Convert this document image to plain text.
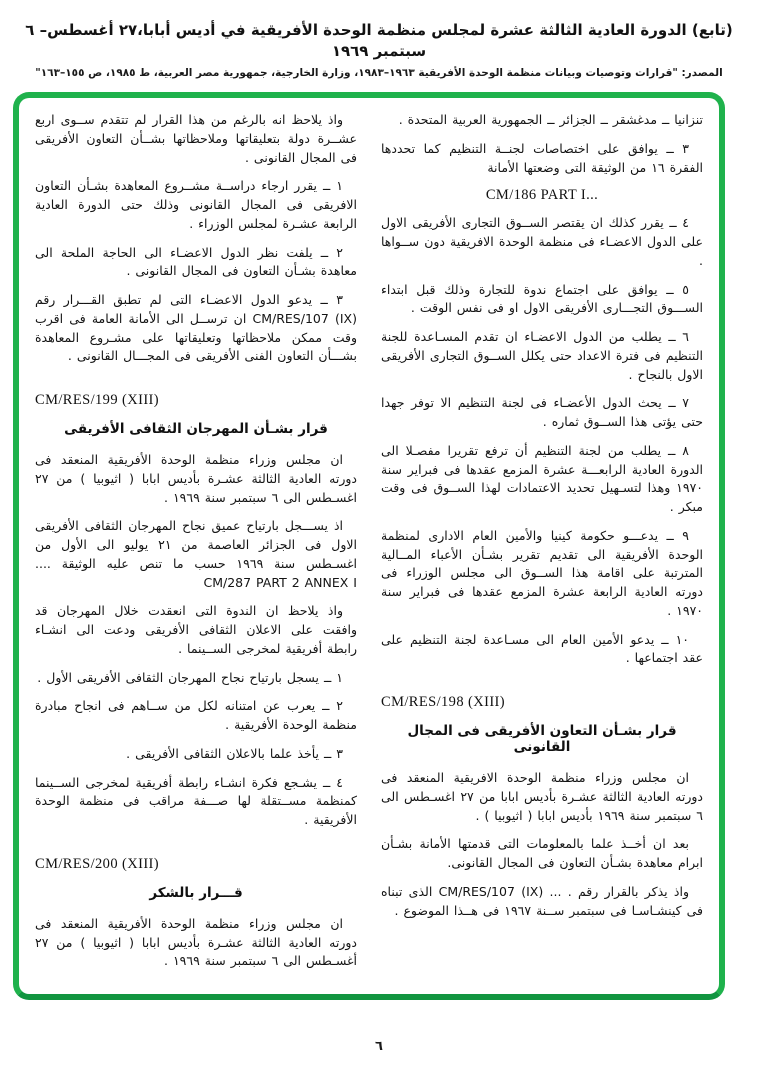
(تابع) الدورة العادية الثالثة عشرة لمجلس منظمة الوحدة الأفريقية في أديس أبابا،٢٧ أغسطس– ٦ سبتمبر ١٩٦٩
المصدر: "قرارات وتوصيات وبيانات منظمة الوحدة الأفريقية ١٩٦٣–١٩٨٣، وزارة الخارجية، جمهورية مصر العربية، ط ١٩٨٥، ص ١٥٥–١٦٣"

تنزانيا ــ مدغشقر ــ الجزائر ــ الجمهورية العربية المتحدة .

٣ ــ يوافق على اختصاصات لجنــة التنظيم كما تحددها الفقرة ١٦ من الوثيقة التى وضعتها الأمانة

CM/186 PART I...

٤ ــ يقرر كذلك ان يقتصر الســوق التجارى الأفريقى الاول على الدول الاعضـاء فى منظمة الوحدة الافريقية دون ســواها .

٥ ــ يوافق على اجتماع ندوة للتجارة وذلك قبل ابتداء الســـوق التجـــارى الأفريقى الاول او فى نفس الوقت .

٦ ــ يطلب من الدول الاعضـاء ان تقدم المسـاعدة للجنة التنظيم فى فترة الاعداد حتى يكلل الســوق التجارى الأفريقى الاول بالنجاح .

٧ ــ يحث الدول الأعضـاء فى لجنة التنظيم الا توفر جهدا حتى يؤتى هذا الســوق ثماره .

٨ ــ يطلب من لجنة التنظيم أن ترفع تقريرا مفصـلا الى الدورة العادية الرابعـــة عشرة المزمع عقدها فى فبراير سنة ١٩٧٠ وهذا لتسـهيل تحديد الاعتمادات لهذا الســوق فى وقت مبكر .

٩ ــ يدعـــو حكومة كينيا والأمين العام الادارى لمنظمة الوحدة الأفريقية الى تقديم تقرير بشـأن الأعباء المــالية المترتبة على اقامة هذا الســوق الى مجلس الوزراء فى دورته العادية الرابعة عشرة المزمع عقدها فى فبراير سنة ١٩٧٠ .

١٠ ــ يدعو الأمين العام الى مسـاعدة لجنة التنظيم على عقد اجتماعها .

CM/RES/198 (XIII)
قرار بشـأن التعاون الأفريقى فى المجال القانونى

ان مجلس وزراء منظمة الوحدة الافريقية المنعقد فى دورته العادية الثالثة عشـرة بأديس ابابا من ٢٧ اغسـطس الى ٦ سبتمبر سنة ١٩٦٩ بأديس ابابا ( اثيوبيا ) .

بعد ان أخــذ علما بالمعلومات التى قدمتها الأمانة بشـأن ابرام معاهدة بشـأن التعاون فى المجال القانونى.

واذ يذكر بالقرار رقم . ... CM/RES/107 (IX) الذى تبناه فى كينشـاسـا فى سبتمبر ســنة ١٩٦٧ فى هــذا الموضوع .

واذ يلاحظ انه بالرغم من هذا القرار لم تتقدم ســوى اربع عشــرة دولة بتعليقاتها وملاحظاتها بشــأن التعاون الأفريقى فى المجال القانونى .

١ ــ يقرر ارجاء دراســة مشــروع المعاهدة بشـأن التعاون الافريقى فى المجال القانونى وذلك حتى الدورة العادية الرابعة عشـرة لمجلس الوزراء .

٢ ــ يلفت نظر الدول الاعضـاء الى الحاجة الملحة الى معاهدة بشـأن التعاون فى المجال القانونى .

٣ ــ يدعو الدول الاعضـاء التى لم تطبق القـــرار رقم CM/RES/107 (IX) ان ترســل الى الأمانة العامة فى اقرب وقت ممكن ملاحظاتها وتعليقاتها على مشـروع المعاهدة بشـــأن التعاون الفنى الأفريقى فى المجـــال القانونى .

CM/RES/199 (XIII)
قرار بشـأن المهرجان الثقافى الأفريقى

ان مجلس وزراء منظمة الوحدة الأفريقية المنعقد فى دورته العادية الثالثة عشـرة بأديس ابابا ( اثيوبيا ) من ٢٧ اغسـطس الى ٦ سبتمبر سنة ١٩٦٩ .

اذ يســـجل بارتياح عميق نجاح المهرجان الثقافى الأفريقى الاول فى الجزائر العاصمة من ٢١ يوليو الى الأول من اغسـطس سنة ١٩٦٩ حسب ما تنص عليه الوثيقة .... CM/287 PART 2 ANNEX I

واذ يلاحظ ان الندوة التى انعقدت خلال المهرجان قد وافقت على الاعلان الثقافى الأفريقى ودعت الى انشـاء رابطة أفريقية لمخرجى الســينما .

١ ــ يسجل بارتياح نجاح المهرجان الثقافى الأفريقى الأول .

٢ ــ يعرب عن امتنانه لكل من ســاهم فى انجاح مبادرة منظمة الوحدة الأفريقية .

٣ ــ يأخذ علما بالاعلان الثقافى الأفريقى .

٤ ــ يشـجع فكرة انشـاء رابطة أفريقية لمخرجى الســينما كمنظمة مســتقلة لها صـــفة مراقب فى منظمة الوحدة الأفريقية .

CM/RES/200 (XIII)
قـــرار بالشكر

ان مجلس وزراء منظمة الوحدة الأفريقية المنعقد فى دورته العادية الثالثة عشـرة بأديس ابابا ( اثيوبيا ) من ٢٧ أغسـطس الى ٦ سبتمبر سنة ١٩٦٩ .

٦
